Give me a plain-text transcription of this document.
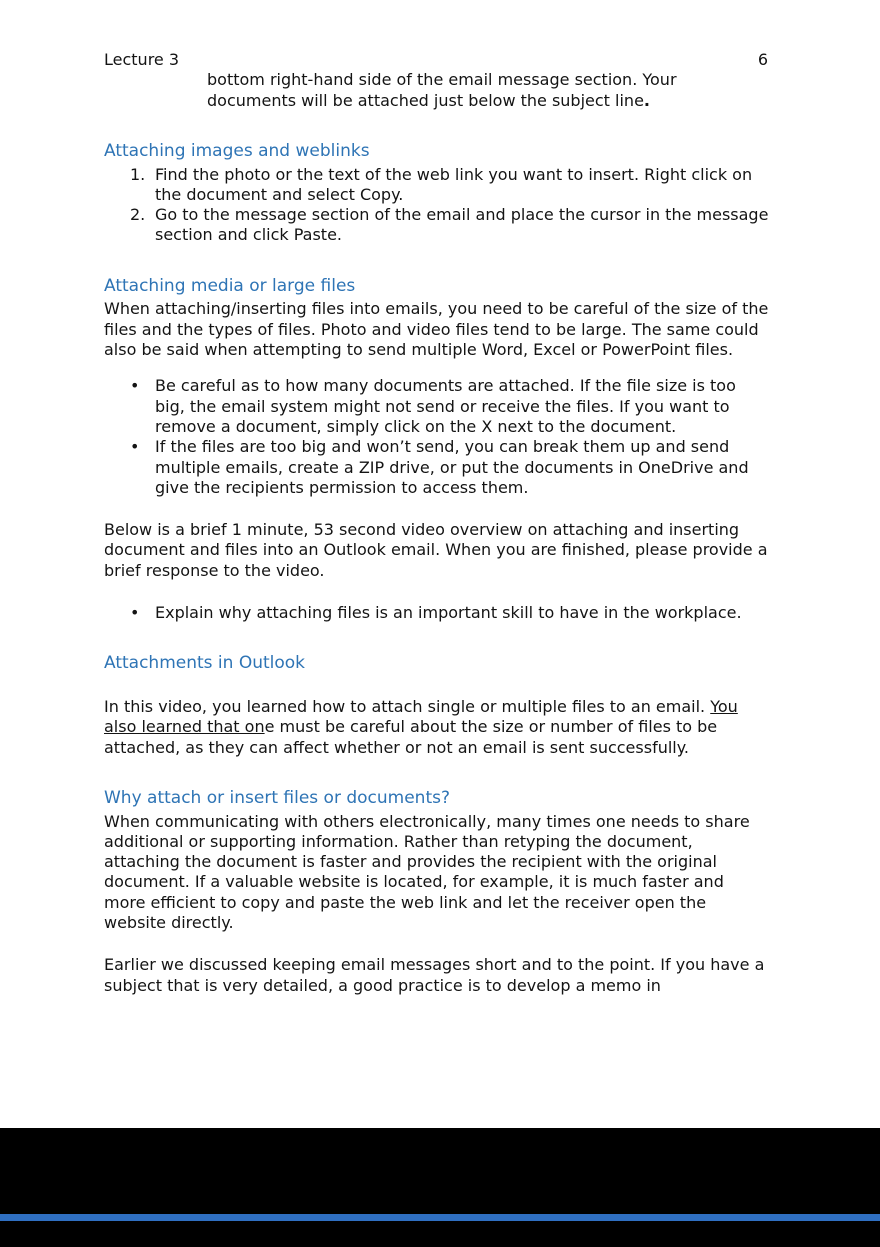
Lecture 3	6

bottom right-hand side of the email message section. Your documents will be attached just below the subject line.

Attaching images and weblinks
1. Find the photo or the text of the web link you want to insert. Right click on the document and select Copy.
2. Go to the message section of the email and place the cursor in the message section and click Paste.
Attaching media or large files

When attaching/inserting files into emails, you need to be careful of the size of the files and the types of files. Photo and video files tend to be large. The same could also be said when attempting to send multiple Word, Excel or PowerPoint files.

• Be careful as to how many documents are attached. If the file size is too big, the email system might not send or receive the files. If you want to remove a document, simply click on the X next to the document.
• If the files are too big and won’t send, you can break them up and send multiple emails, create a ZIP drive, or put the documents in OneDrive and give the recipients permission to access them.

Below is a brief 1 minute, 53 second video overview on attaching and inserting document and files into an Outlook email. When you are finished, please provide a brief response to the video.

• Explain why attaching files is an important skill to have in the workplace.
Attachments in Outlook

In this video, you learned how to attach single or multiple files to an email. You also learned that one must be careful about the size or number of files to be attached, as they can affect whether or not an email is sent successfully.

Why attach or insert files or documents?

When communicating with others electronically, many times one needs to share additional or supporting information. Rather than retyping the document, attaching the document is faster and provides the recipient with the original document. If a valuable website is located, for example, it is much faster and more efficient to copy and paste the web link and let the receiver open the website directly.

Earlier we discussed keeping email messages short and to the point. If you have a subject that is very detailed, a good practice is to develop a memo in
